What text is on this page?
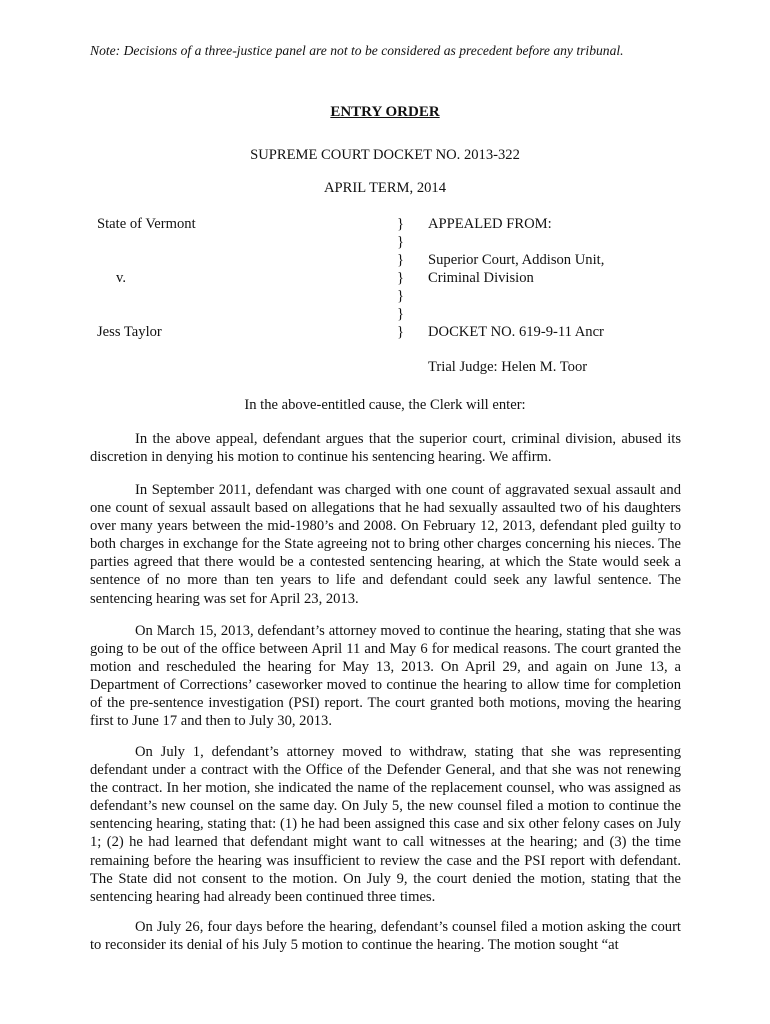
Note: Decisions of a three-justice panel are not to be considered as precedent before any tribunal.
ENTRY ORDER
SUPREME COURT DOCKET NO. 2013-322
APRIL TERM, 2014
State of Vermont
v.
Jess Taylor
}
}
}
}
}
}
}
APPEALED FROM:
Superior Court, Addison Unit,
Criminal Division
DOCKET NO. 619-9-11 Ancr
Trial Judge: Helen M. Toor
In the above-entitled cause, the Clerk will enter:

In the above appeal, defendant argues that the superior court, criminal division, abused its discretion in denying his motion to continue his sentencing hearing. We affirm.

In September 2011, defendant was charged with one count of aggravated sexual assault and one count of sexual assault based on allegations that he had sexually assaulted two of his daughters over many years between the mid-1980’s and 2008. On February 12, 2013, defendant pled guilty to both charges in exchange for the State agreeing not to bring other charges concerning his nieces. The parties agreed that there would be a contested sentencing hearing, at which the State would seek a sentence of no more than ten years to life and defendant could seek any lawful sentence. The sentencing hearing was set for April 23, 2013.

On March 15, 2013, defendant’s attorney moved to continue the hearing, stating that she was going to be out of the office between April 11 and May 6 for medical reasons. The court granted the motion and rescheduled the hearing for May 13, 2013. On April 29, and again on June 13, a Department of Corrections’ caseworker moved to continue the hearing to allow time for completion of the pre-sentence investigation (PSI) report. The court granted both motions, moving the hearing first to June 17 and then to July 30, 2013.

On July 1, defendant’s attorney moved to withdraw, stating that she was representing defendant under a contract with the Office of the Defender General, and that she was not renewing the contract. In her motion, she indicated the name of the replacement counsel, who was assigned as defendant’s new counsel on the same day. On July 5, the new counsel filed a motion to continue the sentencing hearing, stating that: (1) he had been assigned this case and six other felony cases on July 1; (2) he had learned that defendant might want to call witnesses at the hearing; and (3) the time remaining before the hearing was insufficient to review the case and the PSI report with defendant. The State did not consent to the motion. On July 9, the court denied the motion, stating that the sentencing hearing had already been continued three times.

On July 26, four days before the hearing, defendant’s counsel filed a motion asking the court to reconsider its denial of his July 5 motion to continue the hearing. The motion sought “at
